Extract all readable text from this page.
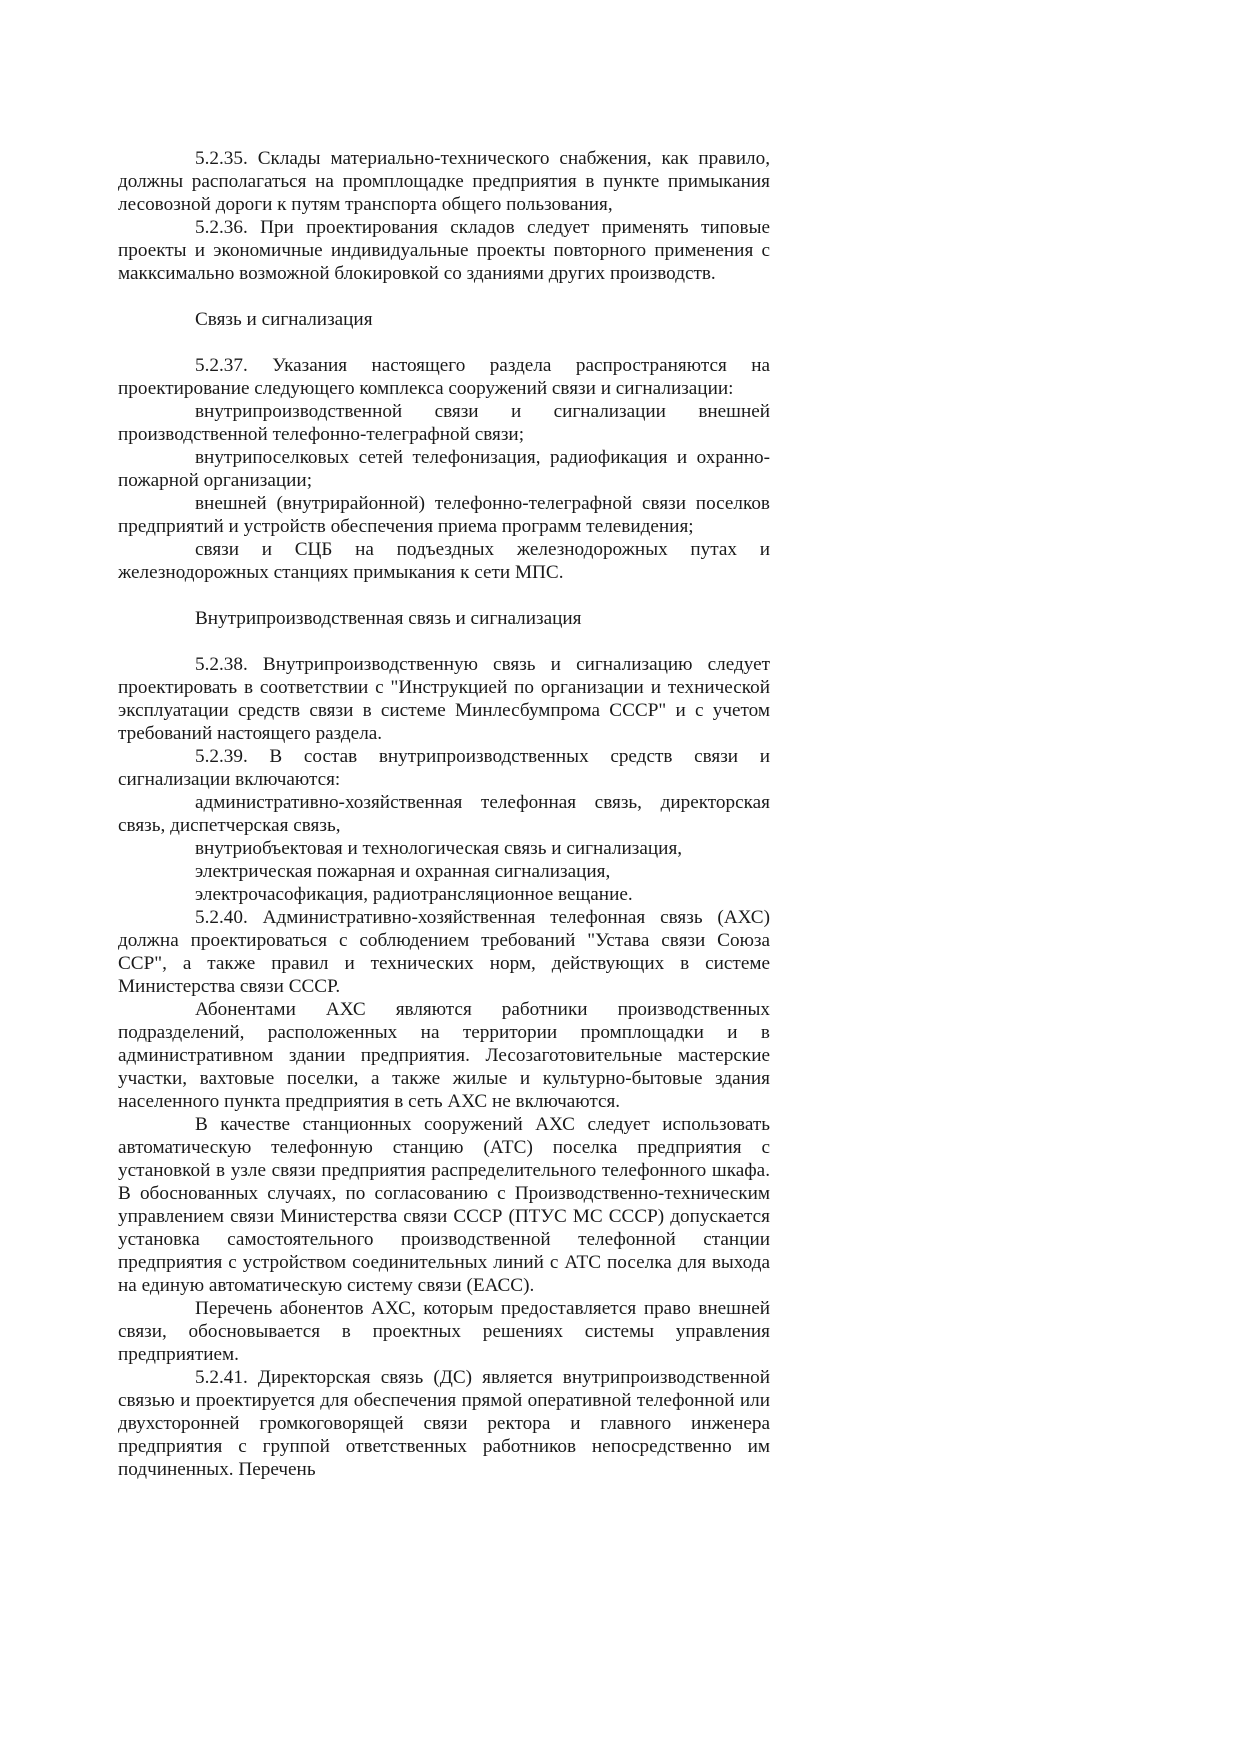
5.2.35. Склады материально-технического снабжения, как правило, должны располагаться на промплощадке предприятия в пункте примыкания лесовозной дороги к путям транспорта общего пользования,

5.2.36. При проектирования складов следует применять типовые проекты и экономичные индивидуальные проекты повторного применения с макксимально возможной блокировкой со зданиями других производств.

Связь и сигнализация

5.2.37. Указания настоящего раздела распространяются на проектирование следующего комплекса сооружений связи и сигнализации:

внутрипроизводственной связи и сигнализации внешней производственной телефонно-телеграфной связи;

внутрипоселковых сетей телефонизация, радиофикация и охранно-пожарной организации;

внешней (внутрирайонной) телефонно-телеграфной связи поселков предприятий и устройств обеспечения приема программ телевидения;

связи и СЦБ на подъездных железнодорожных путах и железнодорожных станциях примыкания к сети МПС.

Внутрипроизводственная связь и сигнализация

5.2.38. Внутрипроизводственную связь и сигнализацию следует проектировать в соответствии с "Инструкцией по организации и технической эксплуатации средств связи в системе Минлесбумпрома СССР" и с учетом требований настоящего раздела.

5.2.39. В состав внутрипроизводственных средств связи и сигнализации включаются:

административно-хозяйственная телефонная связь, директорская связь, диспетчерская связь,

внутриобъектовая и технологическая связь и сигнализация,

электрическая пожарная и охранная сигнализация,

электрочасофикация, радиотрансляционное вещание.

5.2.40. Административно-хозяйственная телефонная связь (АХС) должна проектироваться с соблюдением требований "Устава связи Союза ССР", а также правил и технических норм, действующих в системе Министерства связи СССР.

Абонентами АХС являются работники производственных подразделений, расположенных на территории промплощадки и в административном здании предприятия. Лесозаготовительные мастерские участки, вахтовые поселки, а также жилые и культурно-бытовые здания населенного пункта предприятия в сеть АХС не включаются.

В качестве станционных сооружений АХС следует использовать автоматическую телефонную станцию (АТС) поселка предприятия с установкой в узле связи предприятия распределительного телефонного шкафа. В обоснованных случаях, по согласованию с Производственно-техническим управлением связи Министерства связи СССР (ПТУС МС СССР) допускается установка самостоятельного производственной телефонной станции предприятия с устройством соединительных линий с АТС поселка для выхода на единую автоматическую систему связи (ЕАСС).

Перечень абонентов АХС, которым предоставляется право внешней связи, обосновывается в проектных решениях системы управления предприятием.

5.2.41. Директорская связь (ДС) является внутрипроизводственной связью и проектируется для обеспечения прямой оперативной телефонной или двухсторонней громкоговорящей связи ректора и главного инженера предприятия с группой ответственных работников непосредственно им подчиненных. Перечень
